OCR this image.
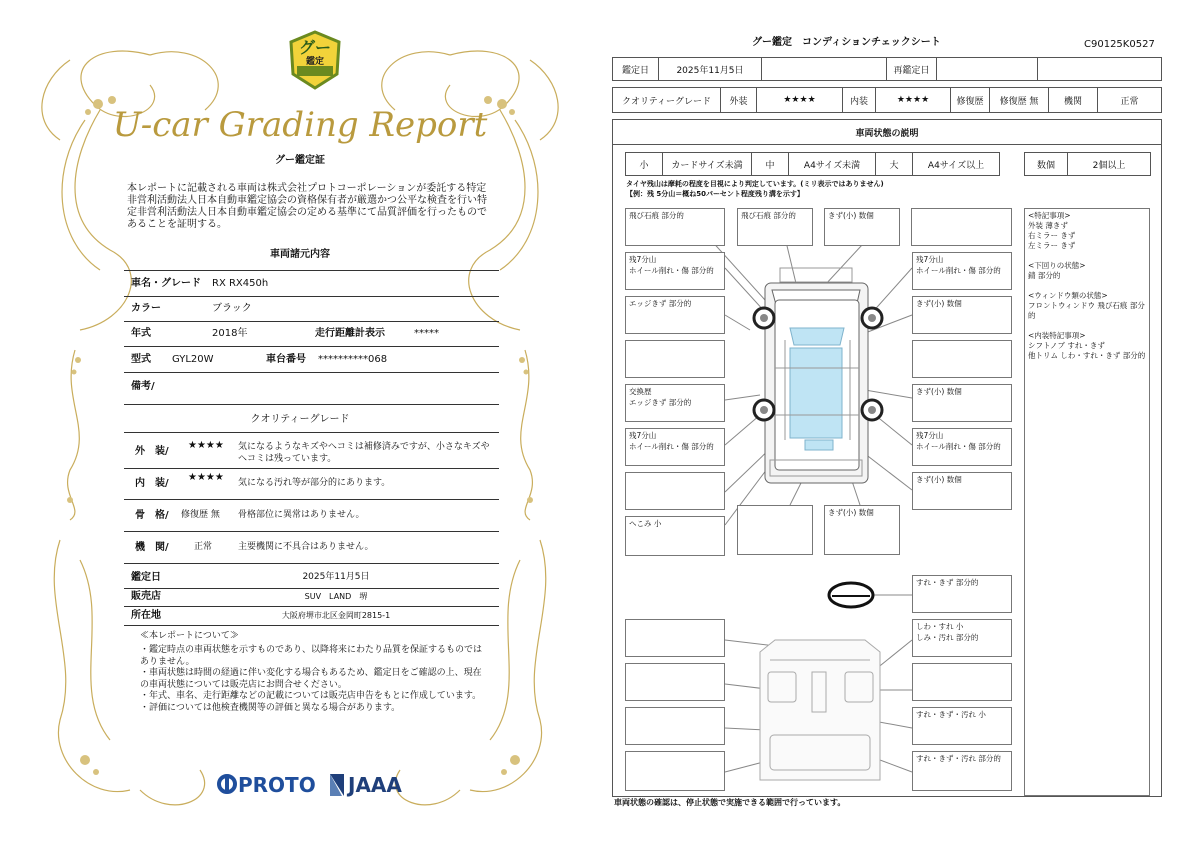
グー
鑑定
U-car Grading Report
グー鑑定証
本レポートに記載される車両は株式会社プロトコーポレーションが委託する特定非営利活動法人日本自動車鑑定協会の資格保有者が厳選かつ公平な検査を行い特定非営利活動法人日本自動車鑑定協会の定める基準にて品質評価を行ったものであることを証明する。
車両諸元内容
車名・グレード RX RX450h
カラー	ブラック
年式	2018年	走行距離計表示	*****
型式 GYL20W	車台番号 **********068
備考/
クオリティーグレード
外　装/
★★★★ 気になるようなキズやヘコミは補修済みですが、小さなキズやヘコミは残っています。
内　装/
★★★★ 気になる汚れ等が部分的にあります。
骨　格/ 修復歴 無 骨格部位に異常はありません。
機　関/	正常	主要機関に不具合はありません。
鑑定日	2025年11月5日
販売店	SUV　LAND　堺
所在地	大阪府堺市北区金岡町2815-1
≪本レポートについて≫
・鑑定時点の車両状態を示すものであり、以降将来にわたり品質を保証するものではありません。
・車両状態は時間の経過に伴い変化する場合もあるため、鑑定日をご確認の上、現在の車両状態については販売店にお問合せください。
・年式、車名、走行距離などの記載については販売店申告をもとに作成しています。
・評価については他検査機関等の評価と異なる場合があります。
PROTO JAAA
グー鑑定　コンディションチェックシート	C90125K0527
鑑定日	2025年11月5日	再鑑定日
クオリティーグレード 外装	★★★★	内装	★★★★	修復歴 修復歴 無	機関	正常
車両状態の説明
小	カードサイズ未満	中	A4サイズ未満	大	A4サイズ以上	数個	2個以上
タイヤ残山は摩耗の程度を目視により判定しています。(ミリ表示ではありません)
【例：残 5分山＝概ね50パーセント程度残り溝を示す】
飛び石痕 部分的
残7分山
ホイール削れ・傷 部分的
エッジきず 部分的
交換歴
エッジきず 部分的
残7分山
ホイール削れ・傷 部分的
へこみ 小
飛び石痕 部分的	きず(小) 数個
残7分山
ホイール削れ・傷 部分的
きず(小) 数個
きず(小) 数個
残7分山
ホイール削れ・傷 部分的
きず(小) 数個
きず(小) 数個
<特記事項>
外装 薄きず
右ミラー きず
左ミラー きず

<下回りの状態>
錆 部分的

<ウィンドウ類の状態>
フロントウィンドウ 飛び石痕 部分的

<内装特記事項>
シフトノブ すれ・きず
他トリム しわ・すれ・きず 部分的
すれ・きず 部分的
しわ・すれ 小
しみ・汚れ 部分的
すれ・きず・汚れ 小
すれ・きず・汚れ 部分的
車両状態の確認は、停止状態で実施できる範囲で行っています。
